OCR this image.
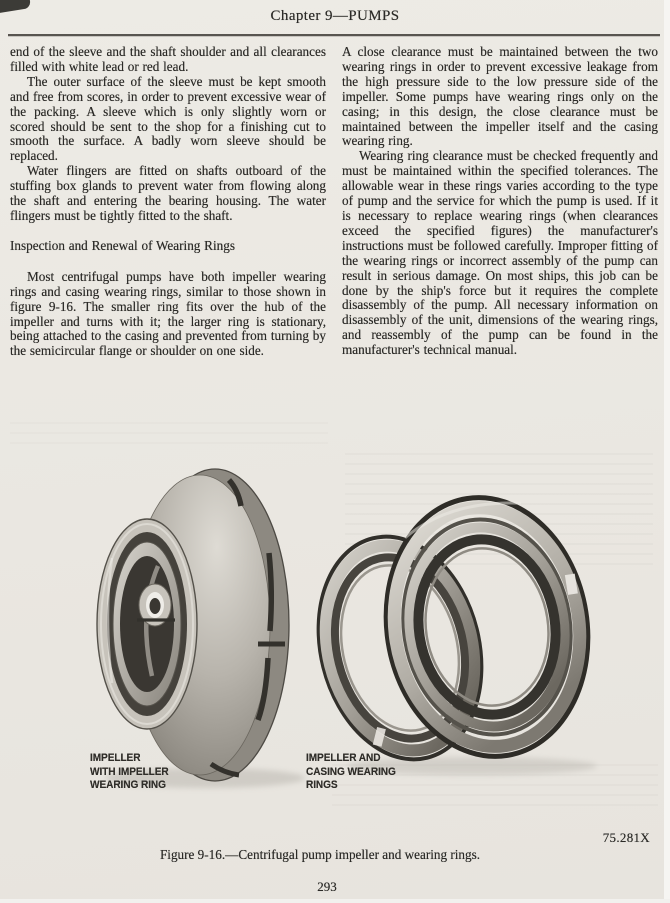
Chapter 9—PUMPS

end of the sleeve and the shaft shoulder and all clearances filled with white lead or red lead.

The outer surface of the sleeve must be kept smooth and free from scores, in order to prevent excessive wear of the packing. A sleeve which is only slightly worn or scored should be sent to the shop for a finishing cut to smooth the surface. A badly worn sleeve should be replaced.

Water flingers are fitted on shafts outboard of the stuffing box glands to prevent water from flowing along the shaft and entering the bearing housing. The water flingers must be tightly fitted to the shaft.

Inspection and Renewal of Wearing Rings

Most centrifugal pumps have both impeller wearing rings and casing wearing rings, similar to those shown in figure 9-16. The smaller ring fits over the hub of the impeller and turns with it; the larger ring is stationary, being attached to the casing and prevented from turning by the semicircular flange or shoulder on one side.

A close clearance must be maintained between the two wearing rings in order to prevent excessive leakage from the high pressure side to the low pressure side of the impeller. Some pumps have wearing rings only on the casing; in this design, the close clearance must be maintained between the impeller itself and the casing wearing ring.

Wearing ring clearance must be checked frequently and must be maintained within the specified tolerances. The allowable wear in these rings varies according to the type of pump and the service for which the pump is used. If it is necessary to replace wearing rings (when clearances exceed the specified figures) the manufacturer's instructions must be followed carefully. Improper fitting of the wearing rings or incorrect assembly of the pump can result in serious damage. On most ships, this job can be done by the ship's force but it requires the complete disassembly of the pump. All necessary information on disassembly of the unit, dimensions of the wearing rings, and reassembly of the pump can be found in the manufacturer's technical manual.

IMPELLER
WITH IMPELLER
WEARING RING
IMPELLER AND
CASING WEARING
RINGS
75.281X
Figure 9-16.—Centrifugal pump impeller and wearing rings.
293
